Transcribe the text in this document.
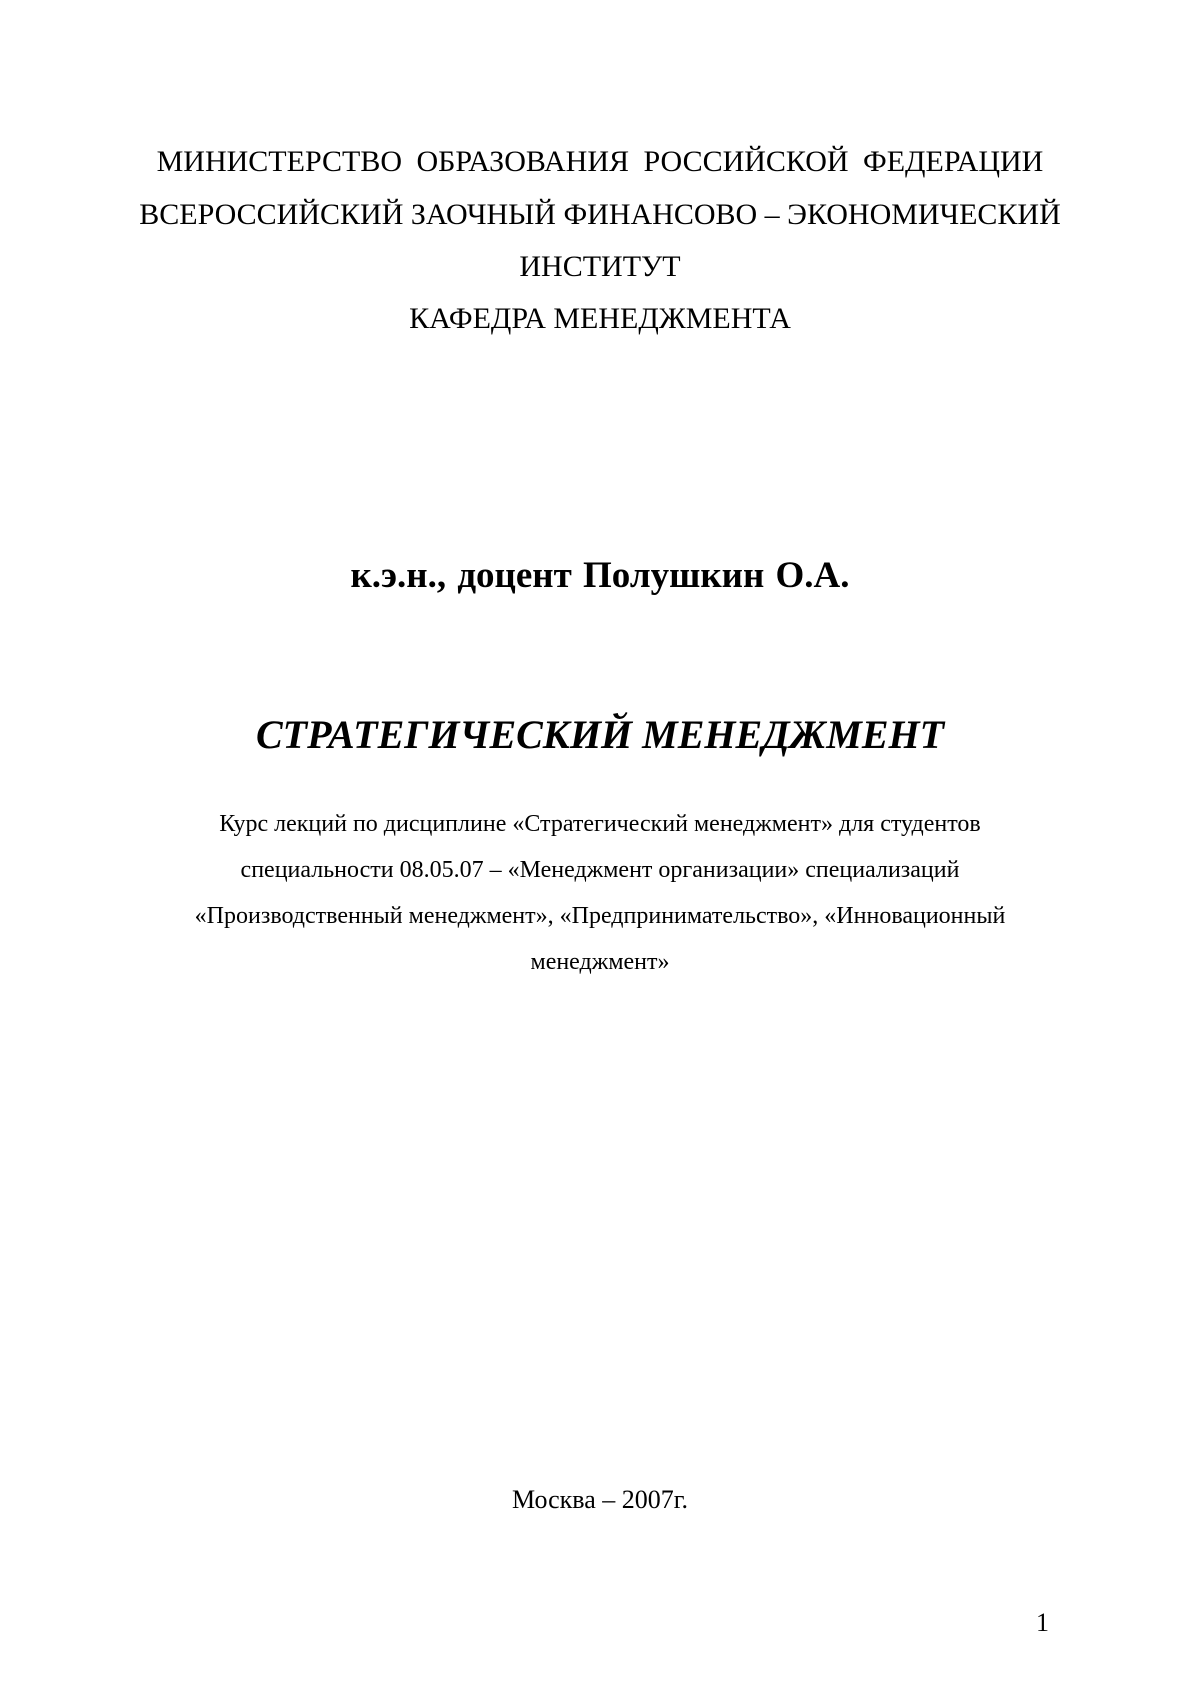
МИНИСТЕРСТВО ОБРАЗОВАНИЯ РОССИЙСКОЙ ФЕДЕРАЦИИ
ВСЕРОССИЙСКИЙ ЗАОЧНЫЙ ФИНАНСОВО – ЭКОНОМИЧЕСКИЙ
ИНСТИТУТ
КАФЕДРА МЕНЕДЖМЕНТА
к.э.н., доцент Полушкин О.А.
СТРАТЕГИЧЕСКИЙ МЕНЕДЖМЕНТ
Курс лекций по дисциплине «Стратегический менеджмент» для студентов
специальности 08.05.07 – «Менеджмент организации» специализаций
«Производственный менеджмент», «Предпринимательство», «Инновационный
менеджмент»
Москва – 2007г.
1
